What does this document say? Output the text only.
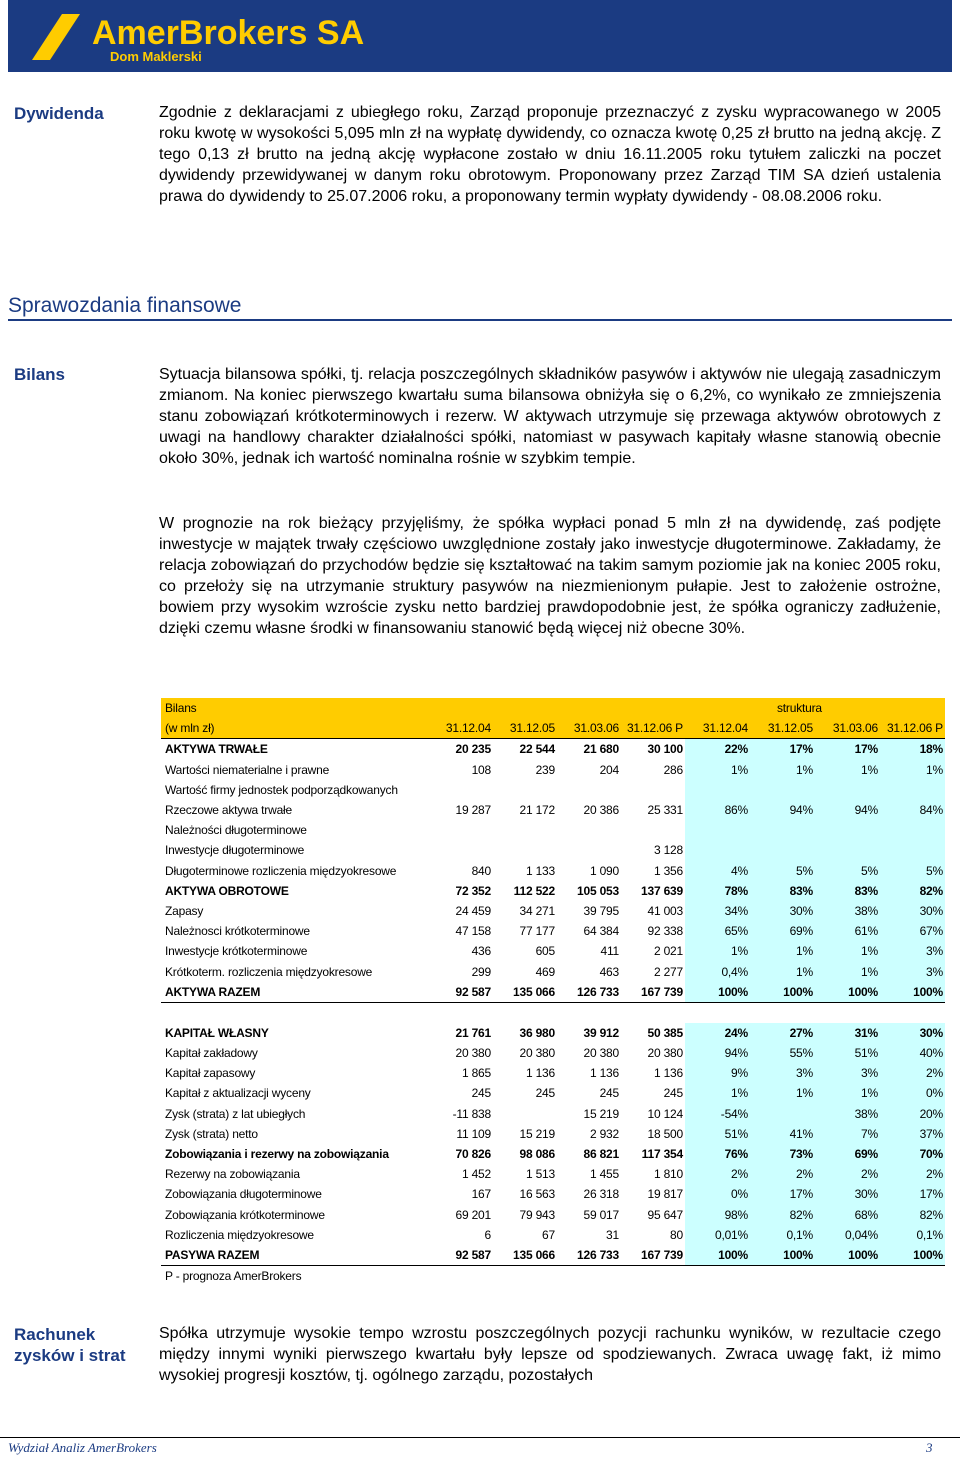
AmerBrokers SA
Dom Maklerski
Dywidenda	Zgodnie z deklaracjami z ubiegłego roku, Zarząd proponuje przeznaczyć z zysku wypracowanego w 2005 roku kwotę w wysokości 5,095 mln zł na wypłatę dywidendy, co oznacza kwotę 0,25 zł brutto na jedną akcję. Z tego 0,13 zł brutto na jedną akcję wypłacone zostało w dniu 16.11.2005 roku tytułem zaliczki na poczet dywidendy przewidywanej w danym roku obrotowym. Proponowany przez Zarząd TIM SA dzień ustalenia prawa do dywidendy to 25.07.2006 roku, a proponowany termin wypłaty dywidendy - 08.08.2006 roku.

Sprawozdania finansowe
Bilans	Sytuacja bilansowa spółki, tj. relacja poszczególnych składników pasywów i aktywów nie ulegają zasadniczym zmianom. Na koniec pierwszego kwartału suma bilansowa obniżyła się o 6,2%, co wynikało ze zmniejszenia stanu zobowiązań krótkoterminowych i rezerw. W aktywach utrzymuje się przewaga aktywów obrotowych z uwagi na handlowy charakter działalności spółki, natomiast w pasywach kapitały własne stanowią obecnie około 30%, jednak ich wartość nominalna rośnie w szybkim tempie.

W prognozie na rok bieżący przyjęliśmy, że spółka wypłaci ponad 5 mln zł na dywidendę, zaś podjęte inwestycje w majątek trwały częściowo uwzględnione zostały jako inwestycje długoterminowe. Zakładamy, że relacja zobowiązań do przychodów będzie się kształtować na takim samym poziomie jak na koniec 2005 roku, co przełoży się na utrzymanie struktury pasywów na niezmienionym pułapie. Jest to założenie ostrożne, bowiem przy wysokim wzroście zysku netto bardziej prawdopodobnie jest, że spółka ograniczy zadłużenie, dzięki czemu własne środki w finansowaniu stanowić będą więcej niż obecne 30%.

Bilans					struktura			
(w mln zł)	31.12.04	31.12.05	31.03.06	31.12.06 P	31.12.04	31.12.05	31.03.06	31.12.06 P
AKTYWA TRWAŁE	20 235	22 544	21 680	30 100	22%	17%	17%	18%
Wartości niematerialne i prawne	108	239	204	286	1%	1%	1%	1%
Wartość firmy jednostek podporządkowanych								
Rzeczowe aktywa trwałe	19 287	21 172	20 386	25 331	86%	94%	94%	84%
Należności długoterminowe								
Inwestycje długoterminowe				3 128				
Długoterminowe rozliczenia międzyokresowe	840	1 133	1 090	1 356	4%	5%	5%	5%
AKTYWA OBROTOWE	72 352	112 522	105 053	137 639	78%	83%	83%	82%
Zapasy	24 459	34 271	39 795	41 003	34%	30%	38%	30%
Należnosci krótkoterminowe	47 158	77 177	64 384	92 338	65%	69%	61%	67%
Inwestycje krótkoterminowe	436	605	411	2 021	1%	1%	1%	3%
Krótkoterm. rozliczenia międzyokresowe	299	469	463	2 277	0,4%	1%	1%	3%
AKTYWA RAZEM	92 587	135 066	126 733	167 739	100%	100%	100%	100%

KAPITAŁ WŁASNY	21 761	36 980	39 912	50 385	24%	27%	31%	30%
Kapitał zakładowy	20 380	20 380	20 380	20 380	94%	55%	51%	40%
Kapitał zapasowy	1 865	1 136	1 136	1 136	9%	3%	3%	2%
Kapitał z aktualizacji wyceny	245	245	245	245	1%	1%	1%	0%
Zysk (strata) z lat ubiegłych	-11 838		15 219	10 124	-54%		38%	20%
Zysk (strata) netto	11 109	15 219	2 932	18 500	51%	41%	7%	37%
Zobowiązania i rezerwy na zobowiązania	70 826	98 086	86 821	117 354	76%	73%	69%	70%
Rezerwy na zobowiązania	1 452	1 513	1 455	1 810	2%	2%	2%	2%
Zobowiązania długoterminowe	167	16 563	26 318	19 817	0%	17%	30%	17%
Zobowiązania krótkoterminowe	69 201	79 943	59 017	95 647	98%	82%	68%	82%
Rozliczenia międzyokresowe	6	67	31	80	0,01%	0,1%	0,04%	0,1%
PASYWA RAZEM	92 587	135 066	126 733	167 739	100%	100%	100%	100%
P - prognoza AmerBrokers								
Rachunek zysków i strat

Spółka utrzymuje wysokie tempo wzrostu poszczególnych pozycji rachunku wyników, w rezultacie czego między innymi wyniki pierwszego kwartału były lepsze od spodziewanych. Zwraca uwagę fakt, iż mimo wysokiej progresji kosztów, tj. ogólnego zarządu, pozostałych

Wydział Analiz AmerBrokers	3
